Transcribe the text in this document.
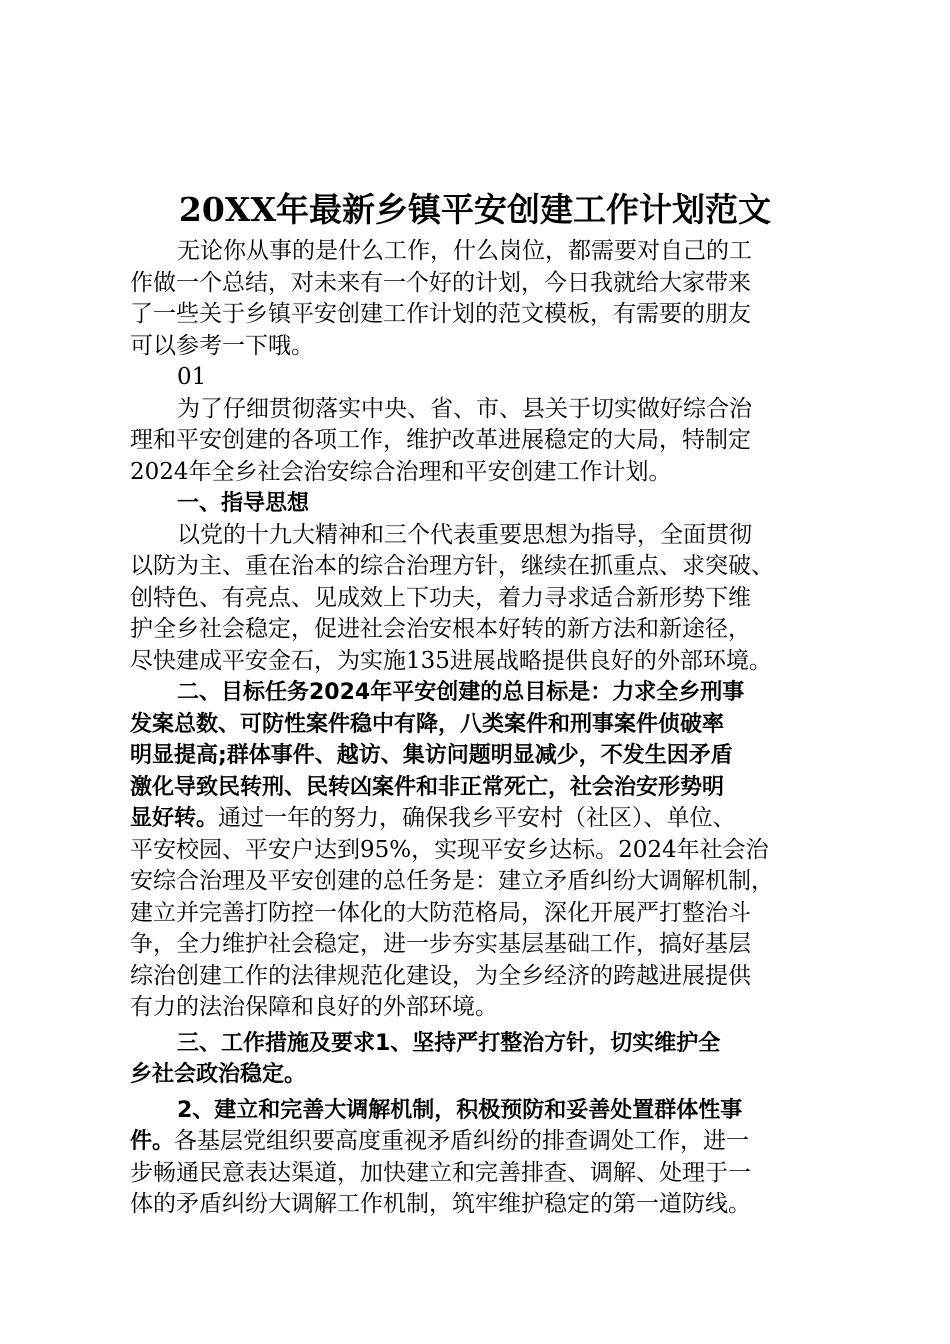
20XX年最新乡镇平安创建工作计划范文
无论你从事的是什么工作，什么岗位，都需要对自己的工
作做一个总结，对未来有一个好的计划，今日我就给大家带来
了一些关于乡镇平安创建工作计划的范文模板，有需要的朋友
可以参考一下哦。
01
为了仔细贯彻落实中央、省、市、县关于切实做好综合治
理和平安创建的各项工作，维护改革进展稳定的大局，特制定
2024年全乡社会治安综合治理和平安创建工作计划。
一、指导思想
以党的十九大精神和三个代表重要思想为指导，全面贯彻
以防为主、重在治本的综合治理方针，继续在抓重点、求突破、
创特色、有亮点、见成效上下功夫，着力寻求适合新形势下维
护全乡社会稳定，促进社会治安根本好转的新方法和新途径，
尽快建成平安金石，为实施135进展战略提供良好的外部环境。
二、目标任务2024年平安创建的总目标是：力求全乡刑事
发案总数、可防性案件稳中有降，八类案件和刑事案件侦破率
明显提高;群体事件、越访、集访问题明显减少，不发生因矛盾
激化导致民转刑、民转凶案件和非正常死亡，社会治安形势明
显好转。通过一年的努力，确保我乡平安村（社区）、单位、
平安校园、平安户达到95%，实现平安乡达标。2024年社会治
安综合治理及平安创建的总任务是：建立矛盾纠纷大调解机制，
建立并完善打防控一体化的大防范格局，深化开展严打整治斗
争，全力维护社会稳定，进一步夯实基层基础工作，搞好基层
综治创建工作的法律规范化建设，为全乡经济的跨越进展提供
有力的法治保障和良好的外部环境。
三、工作措施及要求1、坚持严打整治方针，切实维护全
乡社会政治稳定。
2、建立和完善大调解机制，积极预防和妥善处置群体性事
件。各基层党组织要高度重视矛盾纠纷的排查调处工作，进一
步畅通民意表达渠道，加快建立和完善排查、调解、处理于一
体的矛盾纠纷大调解工作机制，筑牢维护稳定的第一道防线。
